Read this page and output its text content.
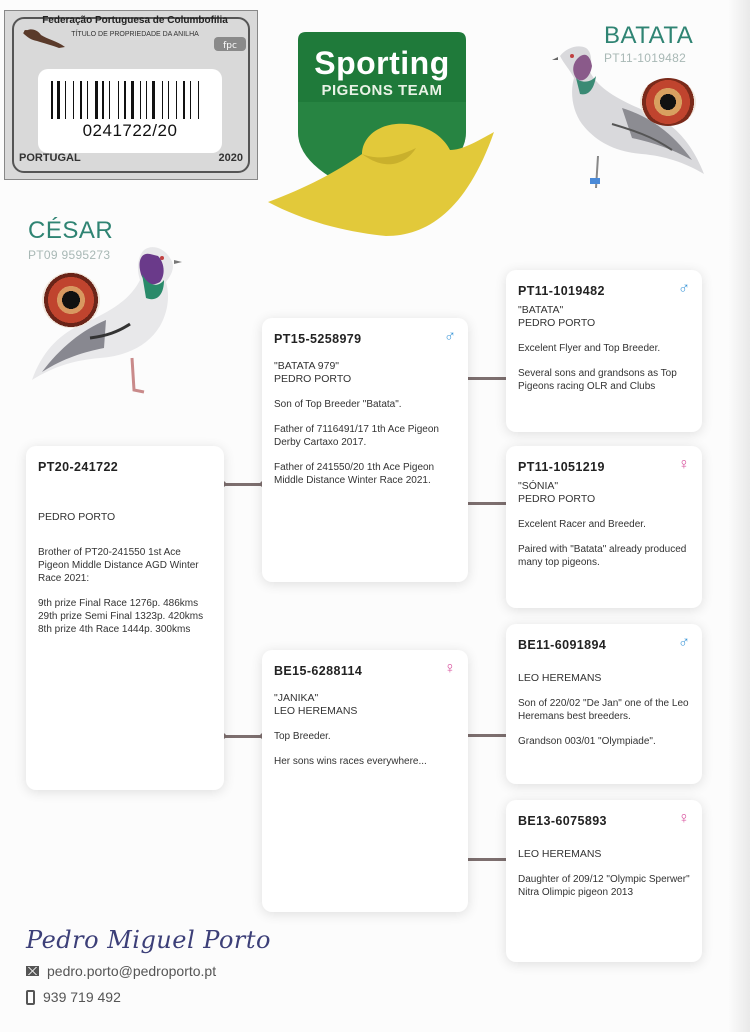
fpc
Federação Portuguesa de Columbofilia
TÍTULO DE PROPRIEDADE DA ANILHA
0241722/20
PORTUGAL	2020
Sporting
PIGEONS TEAM
BATATA
PT11-1019482
CÉSAR
PT09 9595273
PT20-241722
PEDRO PORTO

Brother of PT20-241550 1st Ace Pigeon Middle Distance AGD Winter Race 2021:

9th prize Final Race 1276p. 486kms

29th prize Semi Final 1323p. 420kms

8th prize 4th Race 1444p. 300kms

♂
PT15-5258979
"BATATA 979"
PEDRO PORTO

Son of Top Breeder "Batata".

Father of 7116491/17 1th Ace Pigeon Derby Cartaxo 2017.

Father of 241550/20 1th Ace Pigeon Middle Distance Winter Race 2021.

♀
BE15-6288114
"JANIKA"
LEO HEREMANS

Top Breeder.

Her sons wins races everywhere...

♂
PT11-1019482
"BATATA"
PEDRO PORTO

Excelent Flyer and Top Breeder.

Several sons and grandsons as Top Pigeons racing OLR and Clubs

♀
PT11-1051219
"SÓNIA"
PEDRO PORTO

Excelent Racer and Breeder.

Paired with "Batata" already produced many top pigeons.

♂
BE11-6091894
LEO HEREMANS

Son of 220/02 "De Jan" one of the Leo Heremans best breeders.

Grandson 003/01 "Olympiade".

♀
BE13-6075893
LEO HEREMANS

Daughter of 209/12 "Olympic Sperwer" Nitra Olimpic pigeon 2013

Pedro Miguel Porto
pedro.porto@pedroporto.pt
939 719 492
